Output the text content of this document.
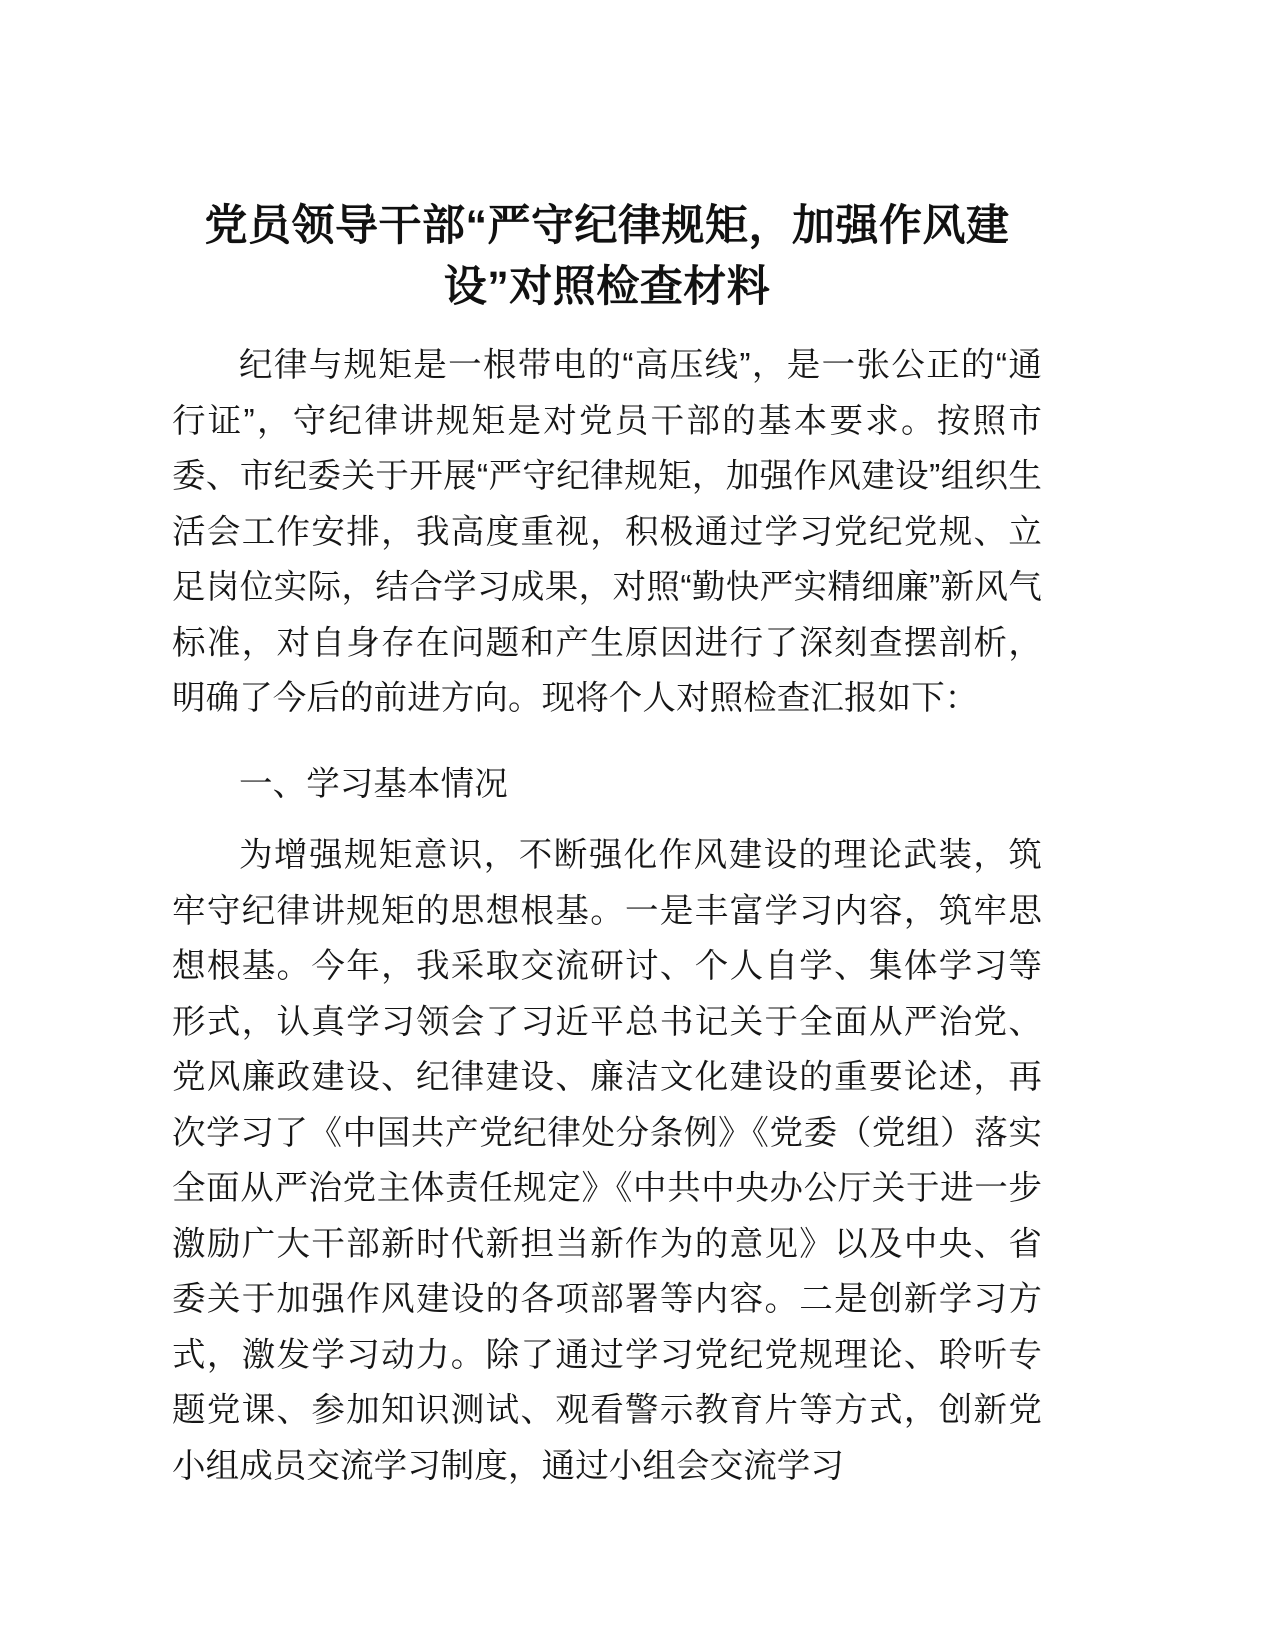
党员领导干部“严守纪律规矩，加强作风建设”对照检查材料

纪律与规矩是一根带电的“高压线”，是一张公正的“通行证”，守纪律讲规矩是对党员干部的基本要求。按照市委、市纪委关于开展“严守纪律规矩，加强作风建设”组织生活会工作安排，我高度重视，积极通过学习党纪党规、立足岗位实际，结合学习成果，对照“勤快严实精细廉”新风气标准，对自身存在问题和产生原因进行了深刻查摆剖析，明确了今后的前进方向。现将个人对照检查汇报如下：

一、学习基本情况

为增强规矩意识，不断强化作风建设的理论武装，筑牢守纪律讲规矩的思想根基。一是丰富学习内容，筑牢思想根基。今年，我采取交流研讨、个人自学、集体学习等形式，认真学习领会了习近平总书记关于全面从严治党、党风廉政建设、纪律建设、廉洁文化建设的重要论述，再次学习了《中国共产党纪律处分条例》《党委（党组）落实全面从严治党主体责任规定》《中共中央办公厅关于进一步激励广大干部新时代新担当新作为的意见》以及中央、省委关于加强作风建设的各项部署等内容。二是创新学习方式，激发学习动力。除了通过学习党纪党规理论、聆听专题党课、参加知识测试、观看警示教育片等方式，创新党小组成员交流学习制度，通过小组会交流学习
